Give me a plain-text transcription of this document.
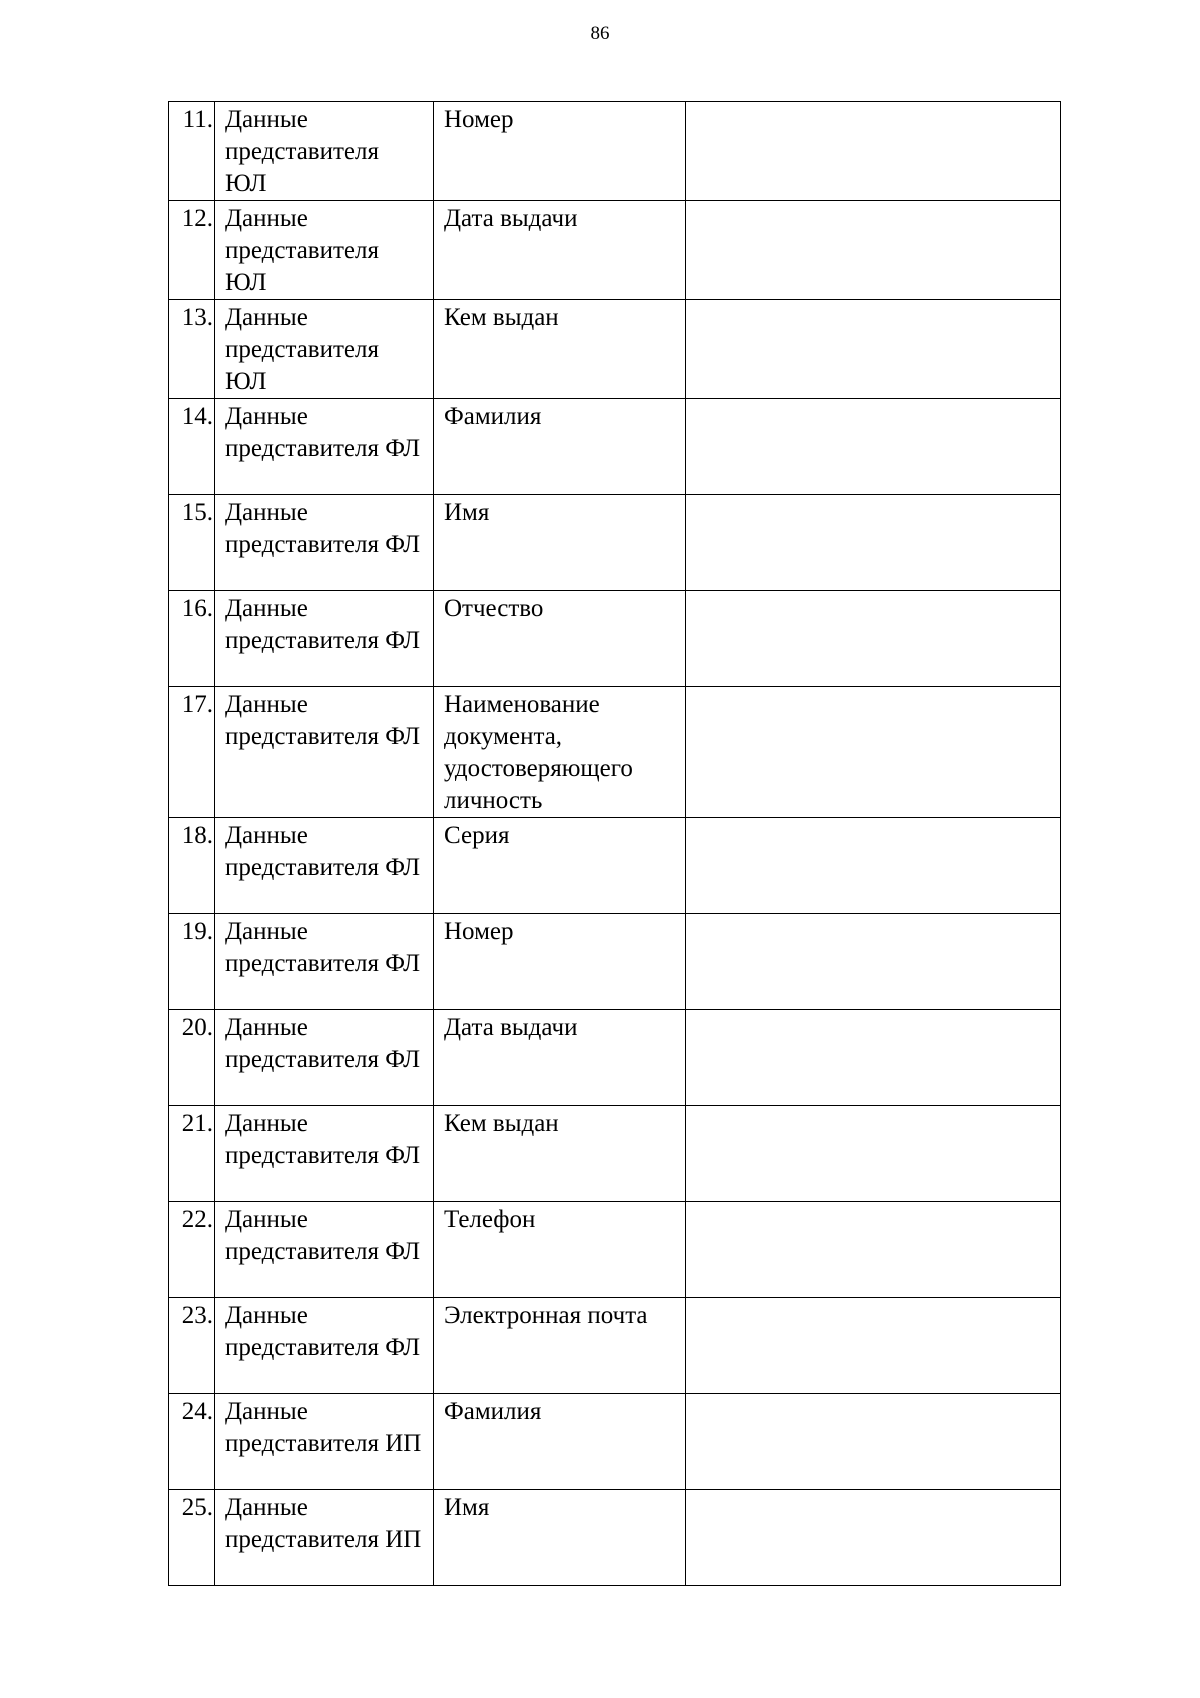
86
11.	Данные представителя ЮЛ	Номер	
12.	Данные представителя ЮЛ	Дата выдачи	
13.	Данные представителя ЮЛ	Кем выдан	
14.	Данные представителя ФЛ	Фамилия	
15.	Данные представителя ФЛ	Имя	
16.	Данные представителя ФЛ	Отчество	
17.	Данные представителя ФЛ	Наименование документа, удостоверяющего личность	
18.	Данные представителя ФЛ	Серия	
19.	Данные представителя ФЛ	Номер	
20.	Данные представителя ФЛ	Дата выдачи	
21.	Данные представителя ФЛ	Кем выдан	
22.	Данные представителя ФЛ	Телефон	
23.	Данные представителя ФЛ	Электронная почта	
24.	Данные представителя ИП	Фамилия	
25.	Данные представителя ИП	Имя	
